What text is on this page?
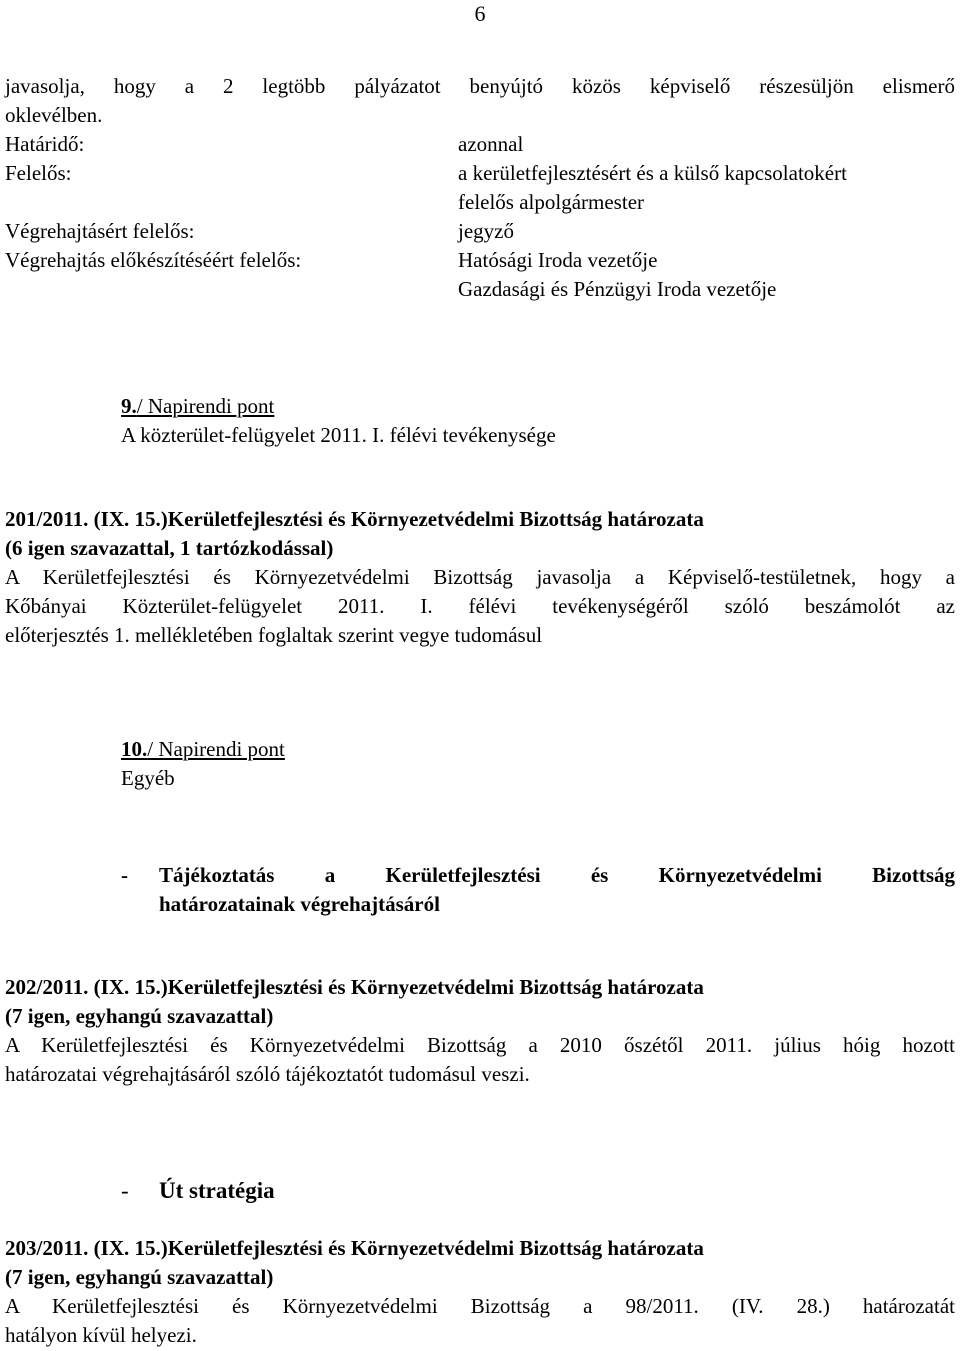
6

javasolja, hogy a 2 legtöbb pályázatot benyújtó közös képviselő részesüljön elismerő

oklevélben.

Határidő:	azonnal
Felelős:	a kerületfejlesztésért és a külső kapcsolatokért
felelős alpolgármester
Végrehajtásért felelős:	jegyző
Végrehajtás előkészítéséért felelős:	Hatósági Iroda vezetője
Gazdasági és Pénzügyi Iroda vezetője

9./ Napirendi pont

A közterület-felügyelet 2011. I. félévi tevékenysége

201/2011. (IX. 15.)Kerületfejlesztési és Környezetvédelmi Bizottság határozata

(6 igen szavazattal, 1 tartózkodással)

A Kerületfejlesztési és Környezetvédelmi Bizottság javasolja a Képviselő-testületnek, hogy a

Kőbányai Közterület-felügyelet 2011. I. félévi tevékenységéről szóló beszámolót az

előterjesztés 1. mellékletében foglaltak szerint vegye tudomásul

10./ Napirendi pont

Egyéb

-	Tájékoztatás a Kerületfejlesztési és Környezetvédelmi Bizottság

határozatainak végrehajtásáról

202/2011. (IX. 15.)Kerületfejlesztési és Környezetvédelmi Bizottság határozata

(7 igen, egyhangú szavazattal)

A Kerületfejlesztési és Környezetvédelmi Bizottság a 2010 őszétől 2011. július hóig hozott

határozatai végrehajtásáról szóló tájékoztatót tudomásul veszi.

-	Út stratégia

203/2011. (IX. 15.)Kerületfejlesztési és Környezetvédelmi Bizottság határozata

(7 igen, egyhangú szavazattal)

A Kerületfejlesztési és Környezetvédelmi Bizottság a 98/2011. (IV. 28.) határozatát

hatályon kívül helyezi.
